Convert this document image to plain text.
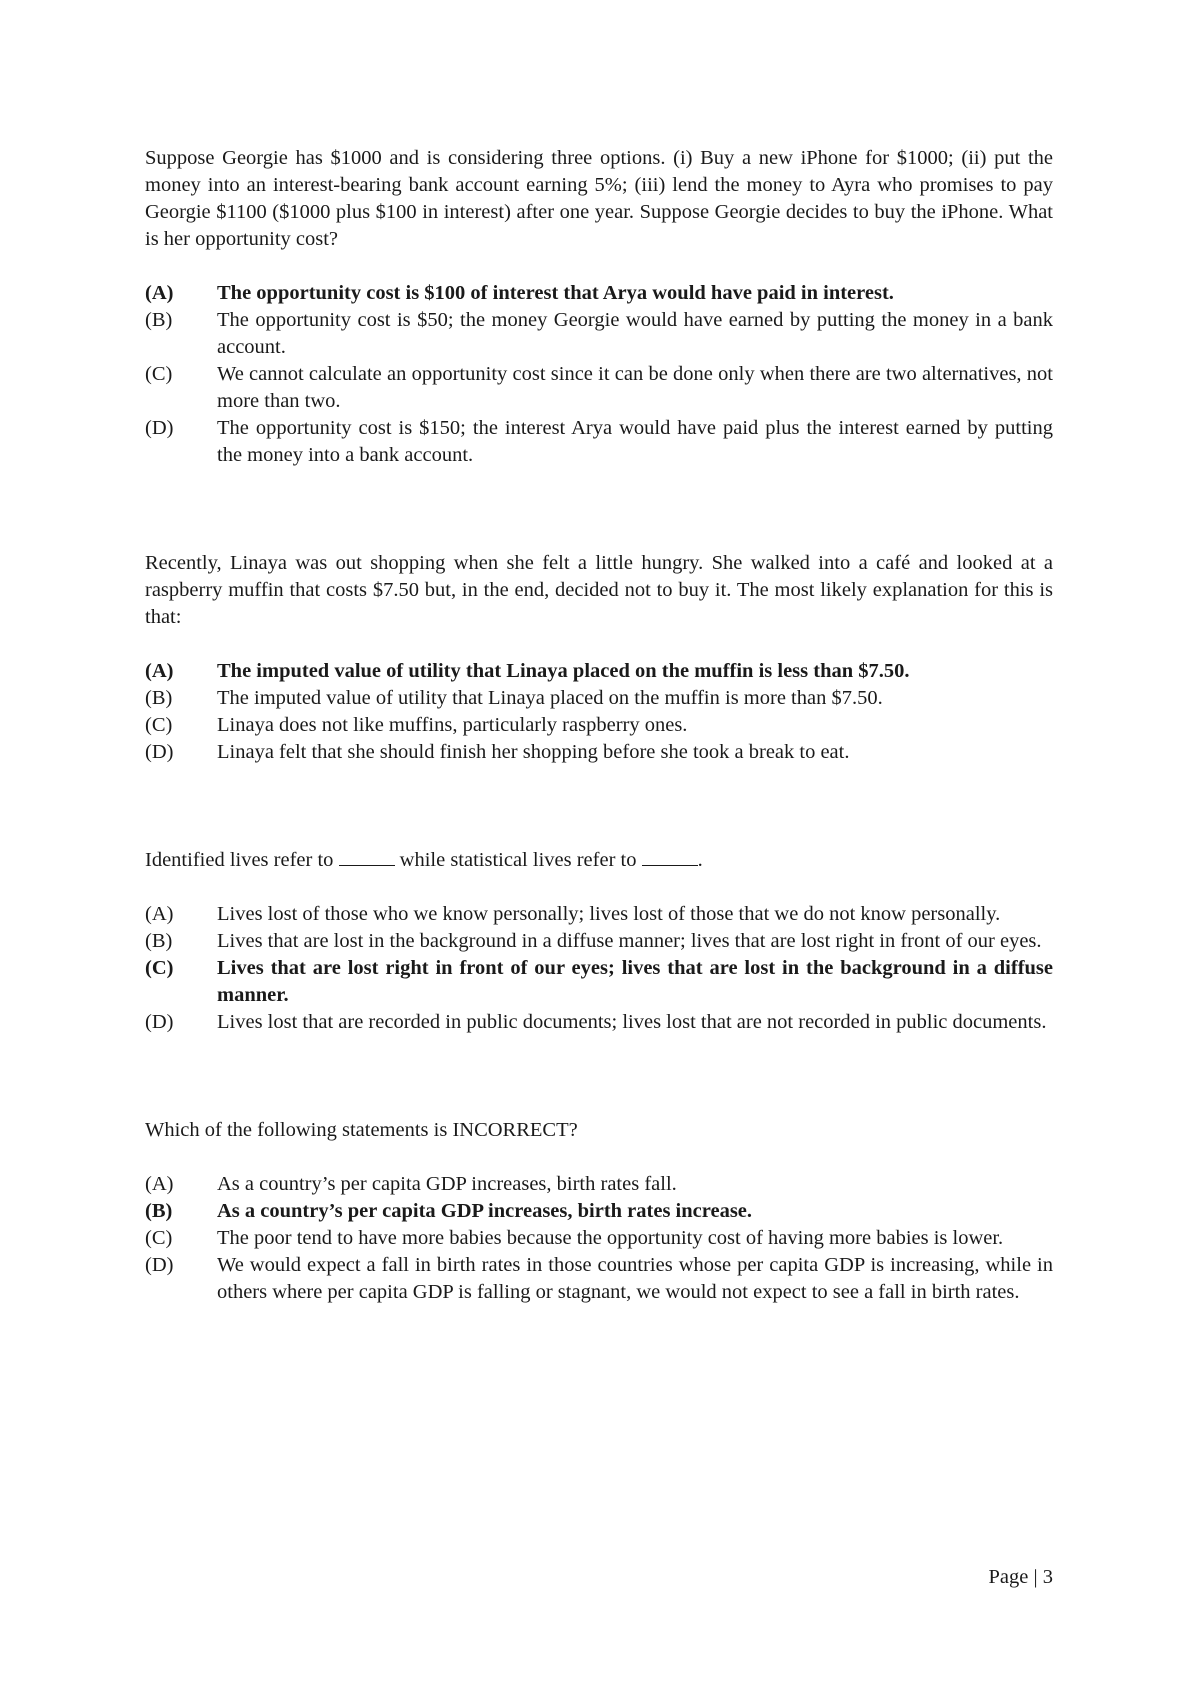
Suppose Georgie has $1000 and is considering three options. (i) Buy a new iPhone for $1000; (ii) put the money into an interest-bearing bank account earning 5%; (iii) lend the money to Ayra who promises to pay Georgie $1100 ($1000 plus $100 in interest) after one year. Suppose Georgie decides to buy the iPhone. What is her opportunity cost?

(A)	The opportunity cost is $100 of interest that Arya would have paid in interest.
(B)	The opportunity cost is $50; the money Georgie would have earned by putting the money in a bank account.
(C)	We cannot calculate an opportunity cost since it can be done only when there are two alternatives, not more than two.
(D)	The opportunity cost is $150; the interest Arya would have paid plus the interest earned by putting the money into a bank account.

Recently, Linaya was out shopping when she felt a little hungry. She walked into a café and looked at a raspberry muffin that costs $7.50 but, in the end, decided not to buy it. The most likely explanation for this is that:

(A)	The imputed value of utility that Linaya placed on the muffin is less than $7.50.
(B)	The imputed value of utility that Linaya placed on the muffin is more than $7.50.
(C)	Linaya does not like muffins, particularly raspberry ones.
(D)	Linaya felt that she should finish her shopping before she took a break to eat.

Identified lives refer to	while statistical lives refer to	.

(A)	Lives lost of those who we know personally; lives lost of those that we do not know personally.
(B)	Lives that are lost in the background in a diffuse manner; lives that are lost right in front of our eyes.
(C)	Lives that are lost right in front of our eyes; lives that are lost in the background in a diffuse manner.
(D)	Lives lost that are recorded in public documents; lives lost that are not recorded in public documents.

Which of the following statements is INCORRECT?

(A)	As a country’s per capita GDP increases, birth rates fall.
(B)	As a country’s per capita GDP increases, birth rates increase.
(C)	The poor tend to have more babies because the opportunity cost of having more babies is lower.
(D)	We would expect a fall in birth rates in those countries whose per capita GDP is increasing, while in others where per capita GDP is falling or stagnant, we would not expect to see a fall in birth rates.
Page | 3
